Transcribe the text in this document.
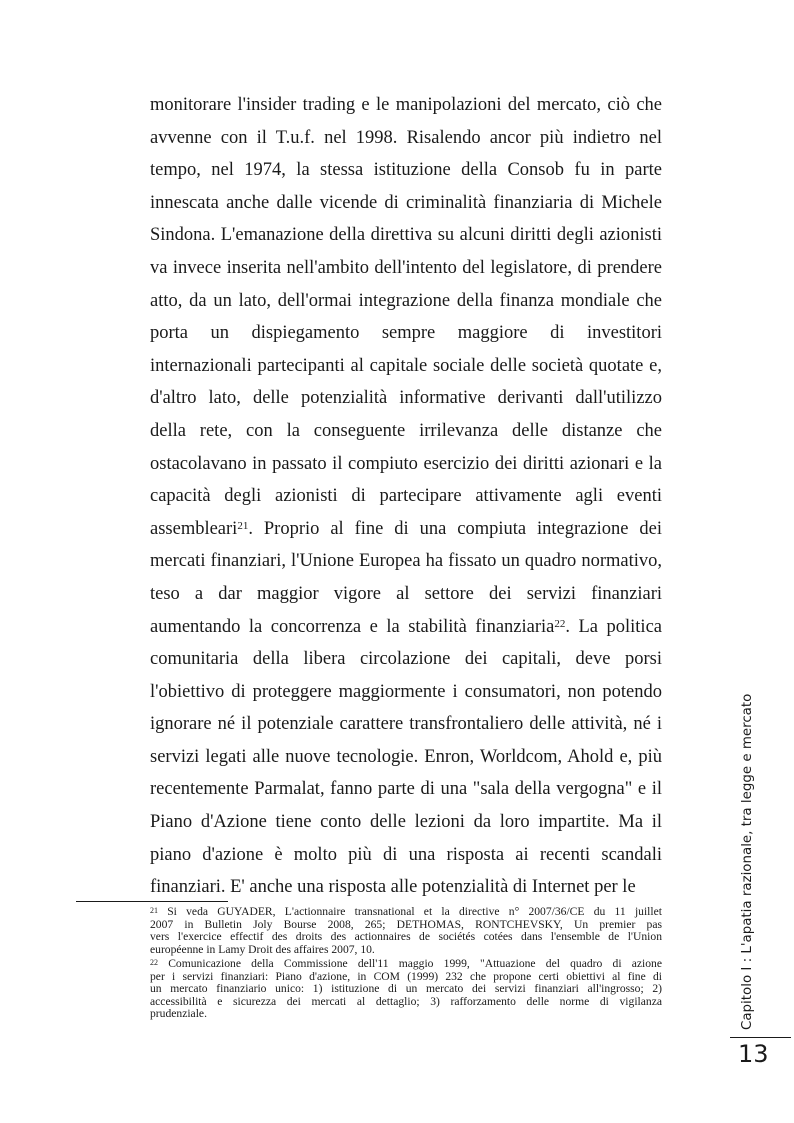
monitorare l'insider trading e le manipolazioni del mercato, ciò che
avvenne con il T.u.f. nel 1998. Risalendo ancor più indietro nel
tempo, nel 1974, la stessa istituzione della Consob fu in parte
innescata anche dalle vicende di criminalità finanziaria di Michele
Sindona. L'emanazione della direttiva su alcuni diritti degli azionisti
va invece inserita nell'ambito dell'intento del legislatore, di prendere
atto, da un lato, dell'ormai integrazione della finanza mondiale che
porta un dispiegamento sempre maggiore di investitori
internazionali partecipanti al capitale sociale delle società quotate e,
d'altro lato, delle potenzialità informative derivanti dall'utilizzo
della rete, con la conseguente irrilevanza delle distanze che
ostacolavano in passato il compiuto esercizio dei diritti azionari e la
capacità degli azionisti di partecipare attivamente agli eventi
assembleari$^{21}$. Proprio al fine di una compiuta integrazione dei
mercati finanziari, l'Unione Europea ha fissato un quadro normativo,
teso a dar maggior vigore al settore dei servizi finanziari
aumentando la concorrenza e la stabilità finanziaria$^{22}$. La politica
comunitaria della libera circolazione dei capitali, deve porsi
l'obiettivo di proteggere maggiormente i consumatori, non potendo
ignorare né il potenziale carattere transfrontaliero delle attività, né i
servizi legati alle nuove tecnologie. Enron, Worldcom, Ahold e, più
recentemente Parmalat, fanno parte di una "sala della vergogna" e il
Piano d'Azione tiene conto delle lezioni da loro impartite. Ma il
piano d'azione è molto più di una risposta ai recenti scandali
finanziari. E' anche una risposta alle potenzialità di Internet per le
$^{21}$ Si veda GUYADER, L'actionnaire transnational et la directive n° 2007/36/CE du 11 juillet
2007 in Bulletin Joly Bourse 2008, 265; DETHOMAS, RONTCHEVSKY, Un premier pas
vers l'exercice effectif des droits des actionnaires de sociétés cotées dans l'ensemble de l'Union
européenne in Lamy Droit des affaires 2007, 10.
$^{22}$ Comunicazione della Commissione dell'11 maggio 1999, "Attuazione del quadro di azione
per i servizi finanziari: Piano d'azione, in COM (1999) 232 che propone certi obiettivi al fine di
un mercato finanziario unico: 1) istituzione di un mercato dei servizi finanziari all'ingrosso; 2)
accessibilità e sicurezza dei mercati al dettaglio; 3) rafforzamento delle norme di vigilanza
prudenziale.	Capitolo I : L'apatia razionale, tra legge e mercato
13
